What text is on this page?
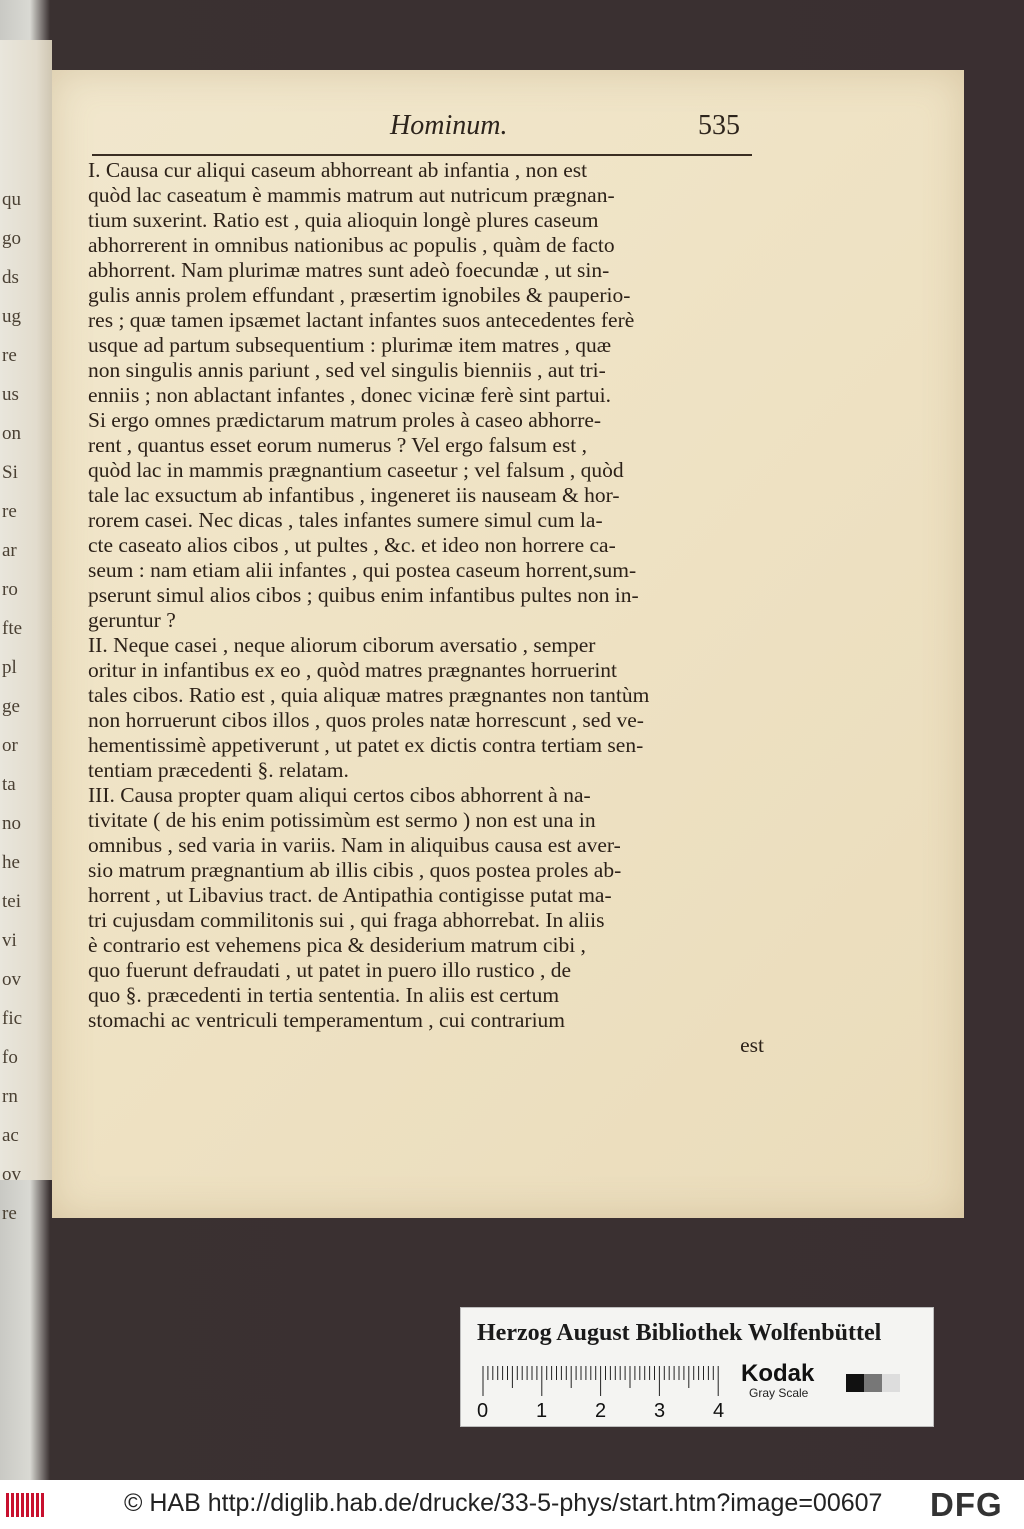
qu
go
ds
ug
re
us
on
Si
re
ar
ro
fte
pl
ge
or
ta
no
he
tei
vi
ov
fic
fo
rn
ac
ov
re
Hominum.	535
I. Causa cur aliqui caseum abhorreant ab infantia , non est
quòd lac caseatum è mammis matrum aut nutricum prægnan-
tium suxerint. Ratio est , quia alioquin longè plures caseum
abhorrerent in omnibus nationibus ac populis , quàm de facto
abhorrent. Nam plurimæ matres sunt adeò foecundæ , ut sin-
gulis annis prolem effundant , præsertim ignobiles & pauperio-
res ; quæ tamen ipsæmet lactant infantes suos antecedentes ferè
usque ad partum subsequentium : plurimæ item matres , quæ
non singulis annis pariunt , sed vel singulis bienniis , aut tri-
enniis ; non ablactant infantes , donec vicinæ ferè sint partui.
Si ergo omnes prædictarum matrum proles à caseo abhorre-
rent , quantus esset eorum numerus ? Vel ergo falsum est ,
quòd lac in mammis prægnantium caseetur ; vel falsum , quòd
tale lac exsuctum ab infantibus , ingeneret iis nauseam & hor-
rorem casei. Nec dicas , tales infantes sumere simul cum la-
cte caseato alios cibos , ut pultes , &c. et ideo non horrere ca-
seum : nam etiam alii infantes , qui postea caseum horrent,sum-
pserunt simul alios cibos ; quibus enim infantibus pultes non in-
geruntur ?
II. Neque casei , neque aliorum ciborum aversatio , semper
oritur in infantibus ex eo , quòd matres prægnantes horruerint
tales cibos. Ratio est , quia aliquæ matres prægnantes non tantùm
non horruerunt cibos illos , quos proles natæ horrescunt , sed ve-
hementissimè appetiverunt , ut patet ex dictis contra tertiam sen-
tentiam præcedenti §. relatam.
III. Causa propter quam aliqui certos cibos abhorrent à na-
tivitate ( de his enim potissimùm est sermo ) non est una in
omnibus , sed varia in variis. Nam in aliquibus causa est aver-
sio matrum prægnantium ab illis cibis , quos postea proles ab-
horrent , ut Libavius tract. de Antipathia contigisse putat ma-
tri cujusdam commilitonis sui , qui fraga abhorrebat. In aliis
è contrario est vehemens pica & desiderium matrum cibi ,
quo fuerunt defraudati , ut patet in puero illo rustico , de
quo §. præcedenti in tertia sententia. In aliis est certum
stomachi ac ventriculi temperamentum , cui contrarium
est
Herzog August Bibliothek Wolfenbüttel
0 1 2 3 4
Kodak
Gray Scale
© HAB http://diglib.hab.de/drucke/33-5-phys/start.htm?image=00607 DFG
